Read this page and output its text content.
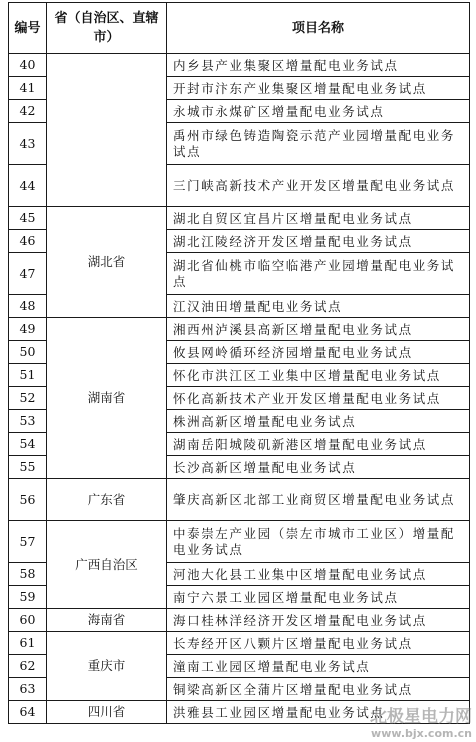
编号	省（自治区、直辖市）	项目名称
40		内乡县产业集聚区增量配电业务试点
41		开封市汴东产业集聚区增量配电业务试点
42		永城市永煤矿区增量配电业务试点
43		禹州市绿色铸造陶瓷示范产业园增量配电业务试点
44		三门峡高新技术产业开发区增量配电业务试点
45	湖北省	湖北自贸区宜昌片区增量配电业务试点
46		湖北江陵经济开发区增量配电业务试点
47		湖北省仙桃市临空临港产业园增量配电业务试点
48		江汉油田增量配电业务试点
49	湖南省	湘西州泸溪县高新区增量配电业务试点
50		攸县网岭循环经济园增量配电业务试点
51		怀化市洪江区工业集中区增量配电业务试点
52		怀化高新技术产业开发区增量配电业务试点
53		株洲高新区增量配电业务试点
54		湖南岳阳城陵矶新港区增量配电业务试点
55		长沙高新区增量配电业务试点
56	广东省	肇庆高新区北部工业商贸区增量配电业务试点
57	广西自治区	中泰崇左产业园（崇左市城市工业区）增量配电业务试点
58		河池大化县工业集中区增量配电业务试点
59		南宁六景工业园区增量配电业务试点
60	海南省	海口桂林洋经济开发区增量配电业务试点
61	重庆市	长寿经开区八颗片区增量配电业务试点
62		潼南工业园区增量配电业务试点
63		铜梁高新区全蒲片区增量配电业务试点
64	四川省	洪雅县工业园区增量配电业务试点
北极星电力网
www.bjx.com.cn
